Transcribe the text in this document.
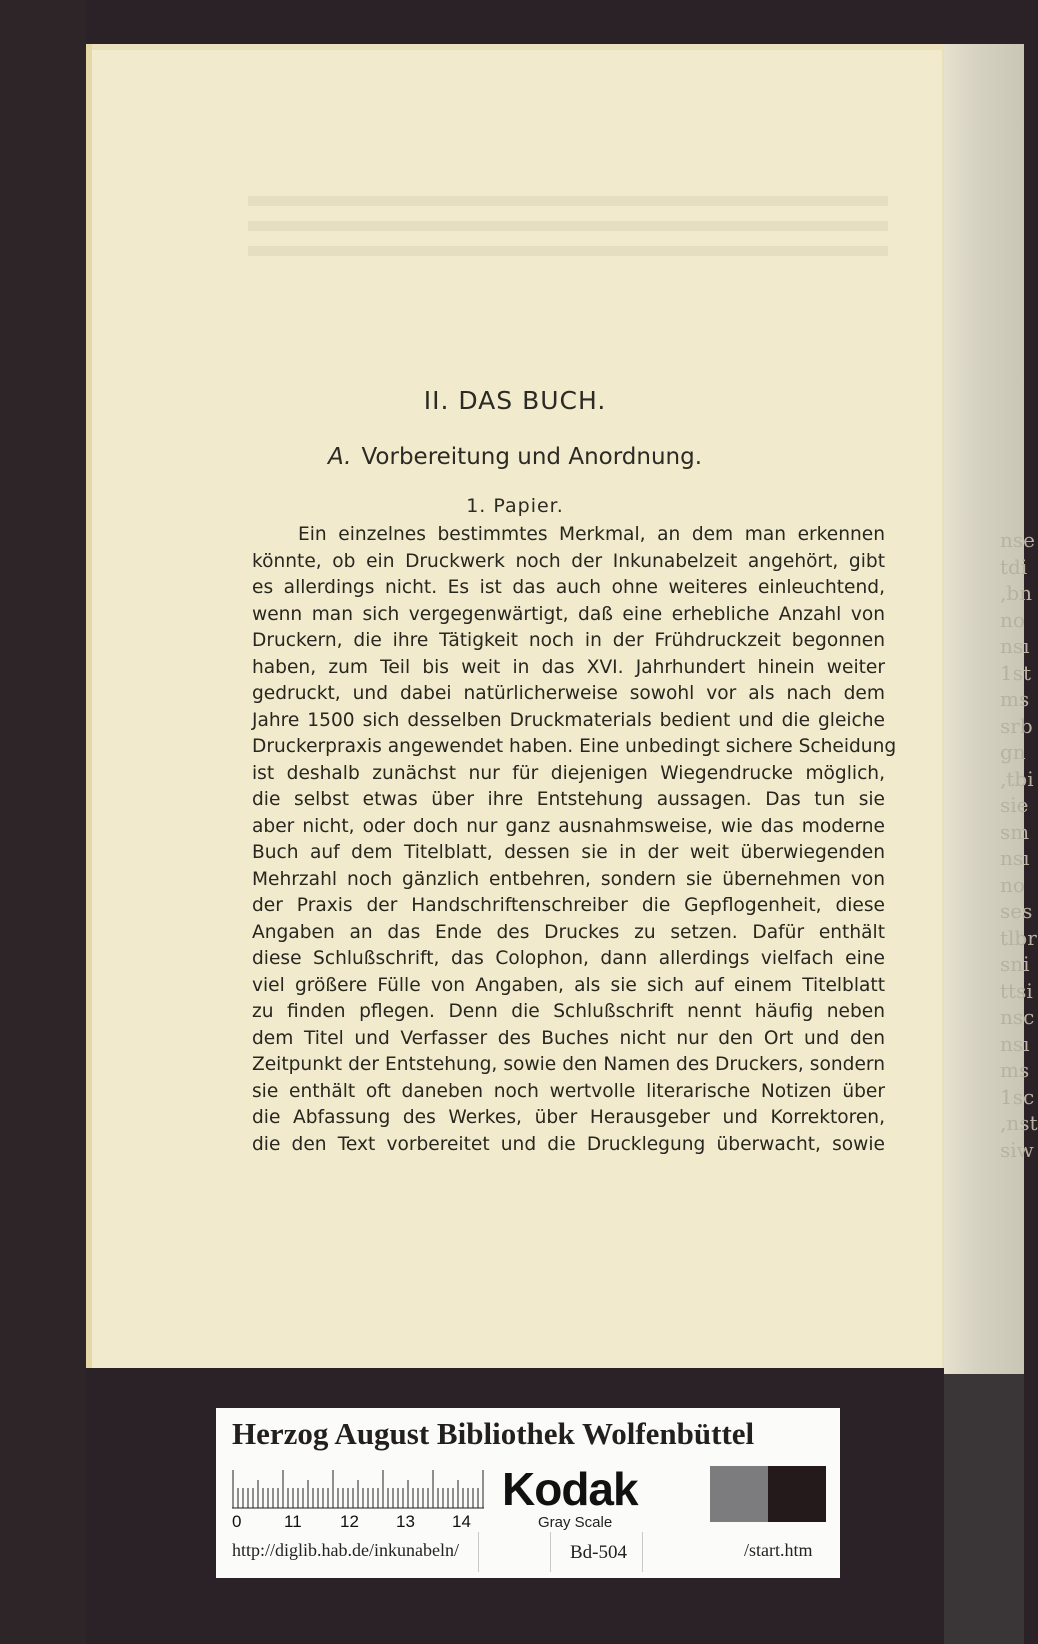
nse
tdi
‚bn
no
nsı
1st
ms
srb
gn
‚tbi
sie
sm
nsı
no
ses
tlbr
sni
ttsi
nsc
nsı
ms
1sc
‚nst
siw
II. DAS BUCH.
A. Vorbereitung und Anordnung.
1. Papier.
Ein einzelnes bestimmtes Merkmal, an dem man erkennen
könnte, ob ein Druckwerk noch der Inkunabelzeit angehört, gibt
es allerdings nicht. Es ist das auch ohne weiteres einleuchtend,
wenn man sich vergegenwärtigt, daß eine erhebliche Anzahl von
Druckern, die ihre Tätigkeit noch in der Frühdruckzeit begonnen
haben, zum Teil bis weit in das XVI. Jahrhundert hinein weiter
gedruckt, und dabei natürlicherweise sowohl vor als nach dem
Jahre 1500 sich desselben Druckmaterials bedient und die gleiche
Druckerpraxis angewendet haben. Eine unbedingt sichere Scheidung
ist deshalb zunächst nur für diejenigen Wiegendrucke möglich,
die selbst etwas über ihre Entstehung aussagen. Das tun sie
aber nicht, oder doch nur ganz ausnahmsweise, wie das moderne
Buch auf dem Titelblatt, dessen sie in der weit überwiegenden
Mehrzahl noch gänzlich entbehren, sondern sie übernehmen von
der Praxis der Handschriftenschreiber die Gepflogenheit, diese
Angaben an das Ende des Druckes zu setzen. Dafür enthält
diese Schlußschrift, das Colophon, dann allerdings vielfach eine
viel größere Fülle von Angaben, als sie sich auf einem Titelblatt
zu finden pflegen. Denn die Schlußschrift nennt häufig neben
dem Titel und Verfasser des Buches nicht nur den Ort und den
Zeitpunkt der Entstehung, sowie den Namen des Druckers, sondern
sie enthält oft daneben noch wertvolle literarische Notizen über
die Abfassung des Werkes, über Herausgeber und Korrektoren,
die den Text vorbereitet und die Drucklegung überwacht, sowie
Herzog August Bibliothek Wolfenbüttel
0	11 12 13 14
Kodak
Gray Scale
http://diglib.hab.de/inkunabeln/	Bd-504	/start.htm
